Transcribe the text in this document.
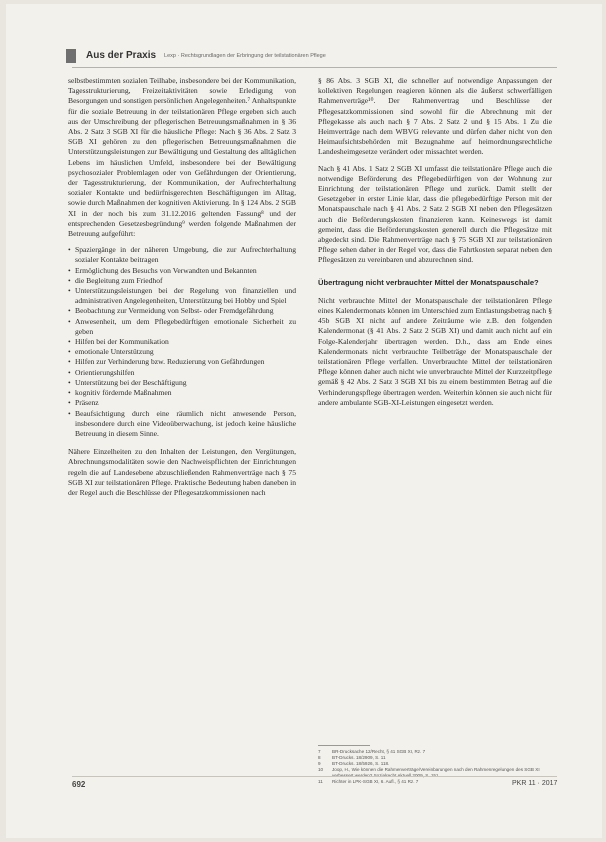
Aus der Praxis Lexp · Rechtsgrundlagen der Erbringung der teilstationären Pflege

selbstbestimmten sozialen Teilhabe, insbesondere bei der Kommunikation, Tagesstrukturierung, Freizeitaktivitäten sowie Erledigung von Besorgungen und sonstigen persönlichen Angelegenheiten.⁷ Anhaltspunkte für die soziale Betreuung in der teilstationären Pflege ergeben sich auch aus der Umschreibung der pflegerischen Betreuungsmaßnahmen in § 36 Abs. 2 Satz 3 SGB XI für die häusliche Pflege: Nach § 36 Abs. 2 Satz 3 SGB XI gehören zu den pflegerischen Betreuungsmaßnahmen die Unterstützungsleistungen zur Bewältigung und Gestaltung des alltäglichen Lebens im häuslichen Umfeld, insbesondere bei der Bewältigung psychosozialer Problemlagen oder von Gefährdungen der Orientierung, der Tagesstrukturierung, der Kommunikation, der Aufrechterhaltung sozialer Kontakte und bedürfnisgerechten Beschäftigungen im Alltag, sowie durch Maßnahmen der kognitiven Aktivierung. In § 124 Abs. 2 SGB XI in der noch bis zum 31.12.2016 geltenden Fassung⁸ und der entsprechenden Gesetzesbegründung⁹ werden folgende Maßnahmen der Betreuung aufgeführt:

• Spaziergänge in der näheren Umgebung, die zur Aufrechterhaltung sozialer Kontakte beitragen
• Ermöglichung des Besuchs von Verwandten und Bekannten
• die Begleitung zum Friedhof
• Unterstützungsleistungen bei der Regelung von finanziellen und administrativen Angelegenheiten, Unterstützung bei Hobby und Spiel
• Beobachtung zur Vermeidung von Selbst- oder Fremdgefährdung
• Anwesenheit, um dem Pflegebedürftigen emotionale Sicherheit zu geben
• Hilfen bei der Kommunikation
• emotionale Unterstützung
• Hilfen zur Verhinderung bzw. Reduzierung von Gefährdungen
• Orientierungshilfen
• Unterstützung bei der Beschäftigung
• kognitiv fördernde Maßnahmen
• Präsenz
• Beaufsichtigung durch eine räumlich nicht anwesende Person, insbesondere durch eine Videoüberwachung, ist jedoch keine häusliche Betreuung in diesem Sinne.

Nähere Einzelheiten zu den Inhalten der Leistungen, den Vergütungen, Abrechnungsmodalitäten sowie den Nachweispflichten der Einrichtungen regeln die auf Landesebene abzuschließenden Rahmenverträge nach § 75 SGB XI zur teilstationären Pflege. Praktische Bedeutung haben daneben in der Regel auch die Beschlüsse der Pflegesatzkommissionen nach

§ 86 Abs. 3 SGB XI, die schneller auf notwendige Anpassungen der kollektiven Regelungen reagieren können als die äußerst schwerfälligen Rahmenverträge¹⁰. Der Rahmenvertrag und Beschlüsse der Pflegesatzkommissionen sind sowohl für die Abrechnung mit der Pflegekasse als auch nach § 7 Abs. 2 Satz 2 und § 15 Abs. 1 Zu die Heimverträge nach dem WBVG relevante und dürfen daher nicht von den Heimaufsichtsbehörden mit Bezugnahme auf heimordnungsrechtliche Landesheimgesetze verändert oder missachtet werden.

Nach § 41 Abs. 1 Satz 2 SGB XI umfasst die teilstationäre Pflege auch die notwendige Beförderung des Pflegebedürftigen von der Wohnung zur Einrichtung der teilstationären Pflege und zurück. Damit stellt der Gesetzgeber in erster Linie klar, dass die pflegebedürftige Person mit der Monatspauschale nach § 41 Abs. 2 Satz 2 SGB XI neben den Pflegesätzen auch die Beförderungskosten finanzieren kann. Keineswegs ist damit gemeint, dass die Beförderungskosten generell durch die Pflegesätze mit abgedeckt sind. Die Rahmenverträge nach § 75 SGB XI zur teilstationären Pflege sehen daher in der Regel vor, dass die Fahrtkosten separat neben den Pflegesätzen zu vereinbaren und abzurechnen sind.

Übertragung nicht verbrauchter Mittel der Monatspauschale?

Nicht verbrauchte Mittel der Monatspauschale der teilstationären Pflege eines Kalendermonats können im Unterschied zum Entlastungsbetrag nach § 45b SGB XI nicht auf andere Zeiträume wie z.B. den folgenden Kalendermonat (§ 41 Abs. 2 Satz 2 SGB XI) und damit auch nicht auf ein Folge-Kalenderjahr übertragen werden. D.h., dass am Ende eines Kalendermonats nicht verbrauchte Teilbeträge der Monatspauschale der teilstationären Pflege verfallen. Unverbrauchte Mittel der teilstationären Pflege können daher auch nicht wie unverbrauchte Mittel der Kurzzeitpflege gemäß § 42 Abs. 2 Satz 3 SGB XI bis zu einem bestimmten Betrag auf die Verhinderungspflege übertragen werden. Weiterhin können sie auch nicht für andere ambulante SGB-XI-Leistungen eingesetzt werden.

7	BR-Drucksache 12/Recht, § 41 SGB XI, Rz. 7
8	BT-Drucks. 18/2909, S. 11
9	BT-Drucks. 18/5926, S. 118.
10	Joop, H., Wie können die Rahmenverträge/Vereinbarungen nach den Rahmenregelungen des SGB XI
11	Richter in LPK-SGB XI, 6. Aufl., § 41 Rz. 7
692	PKR 11 · 2017
